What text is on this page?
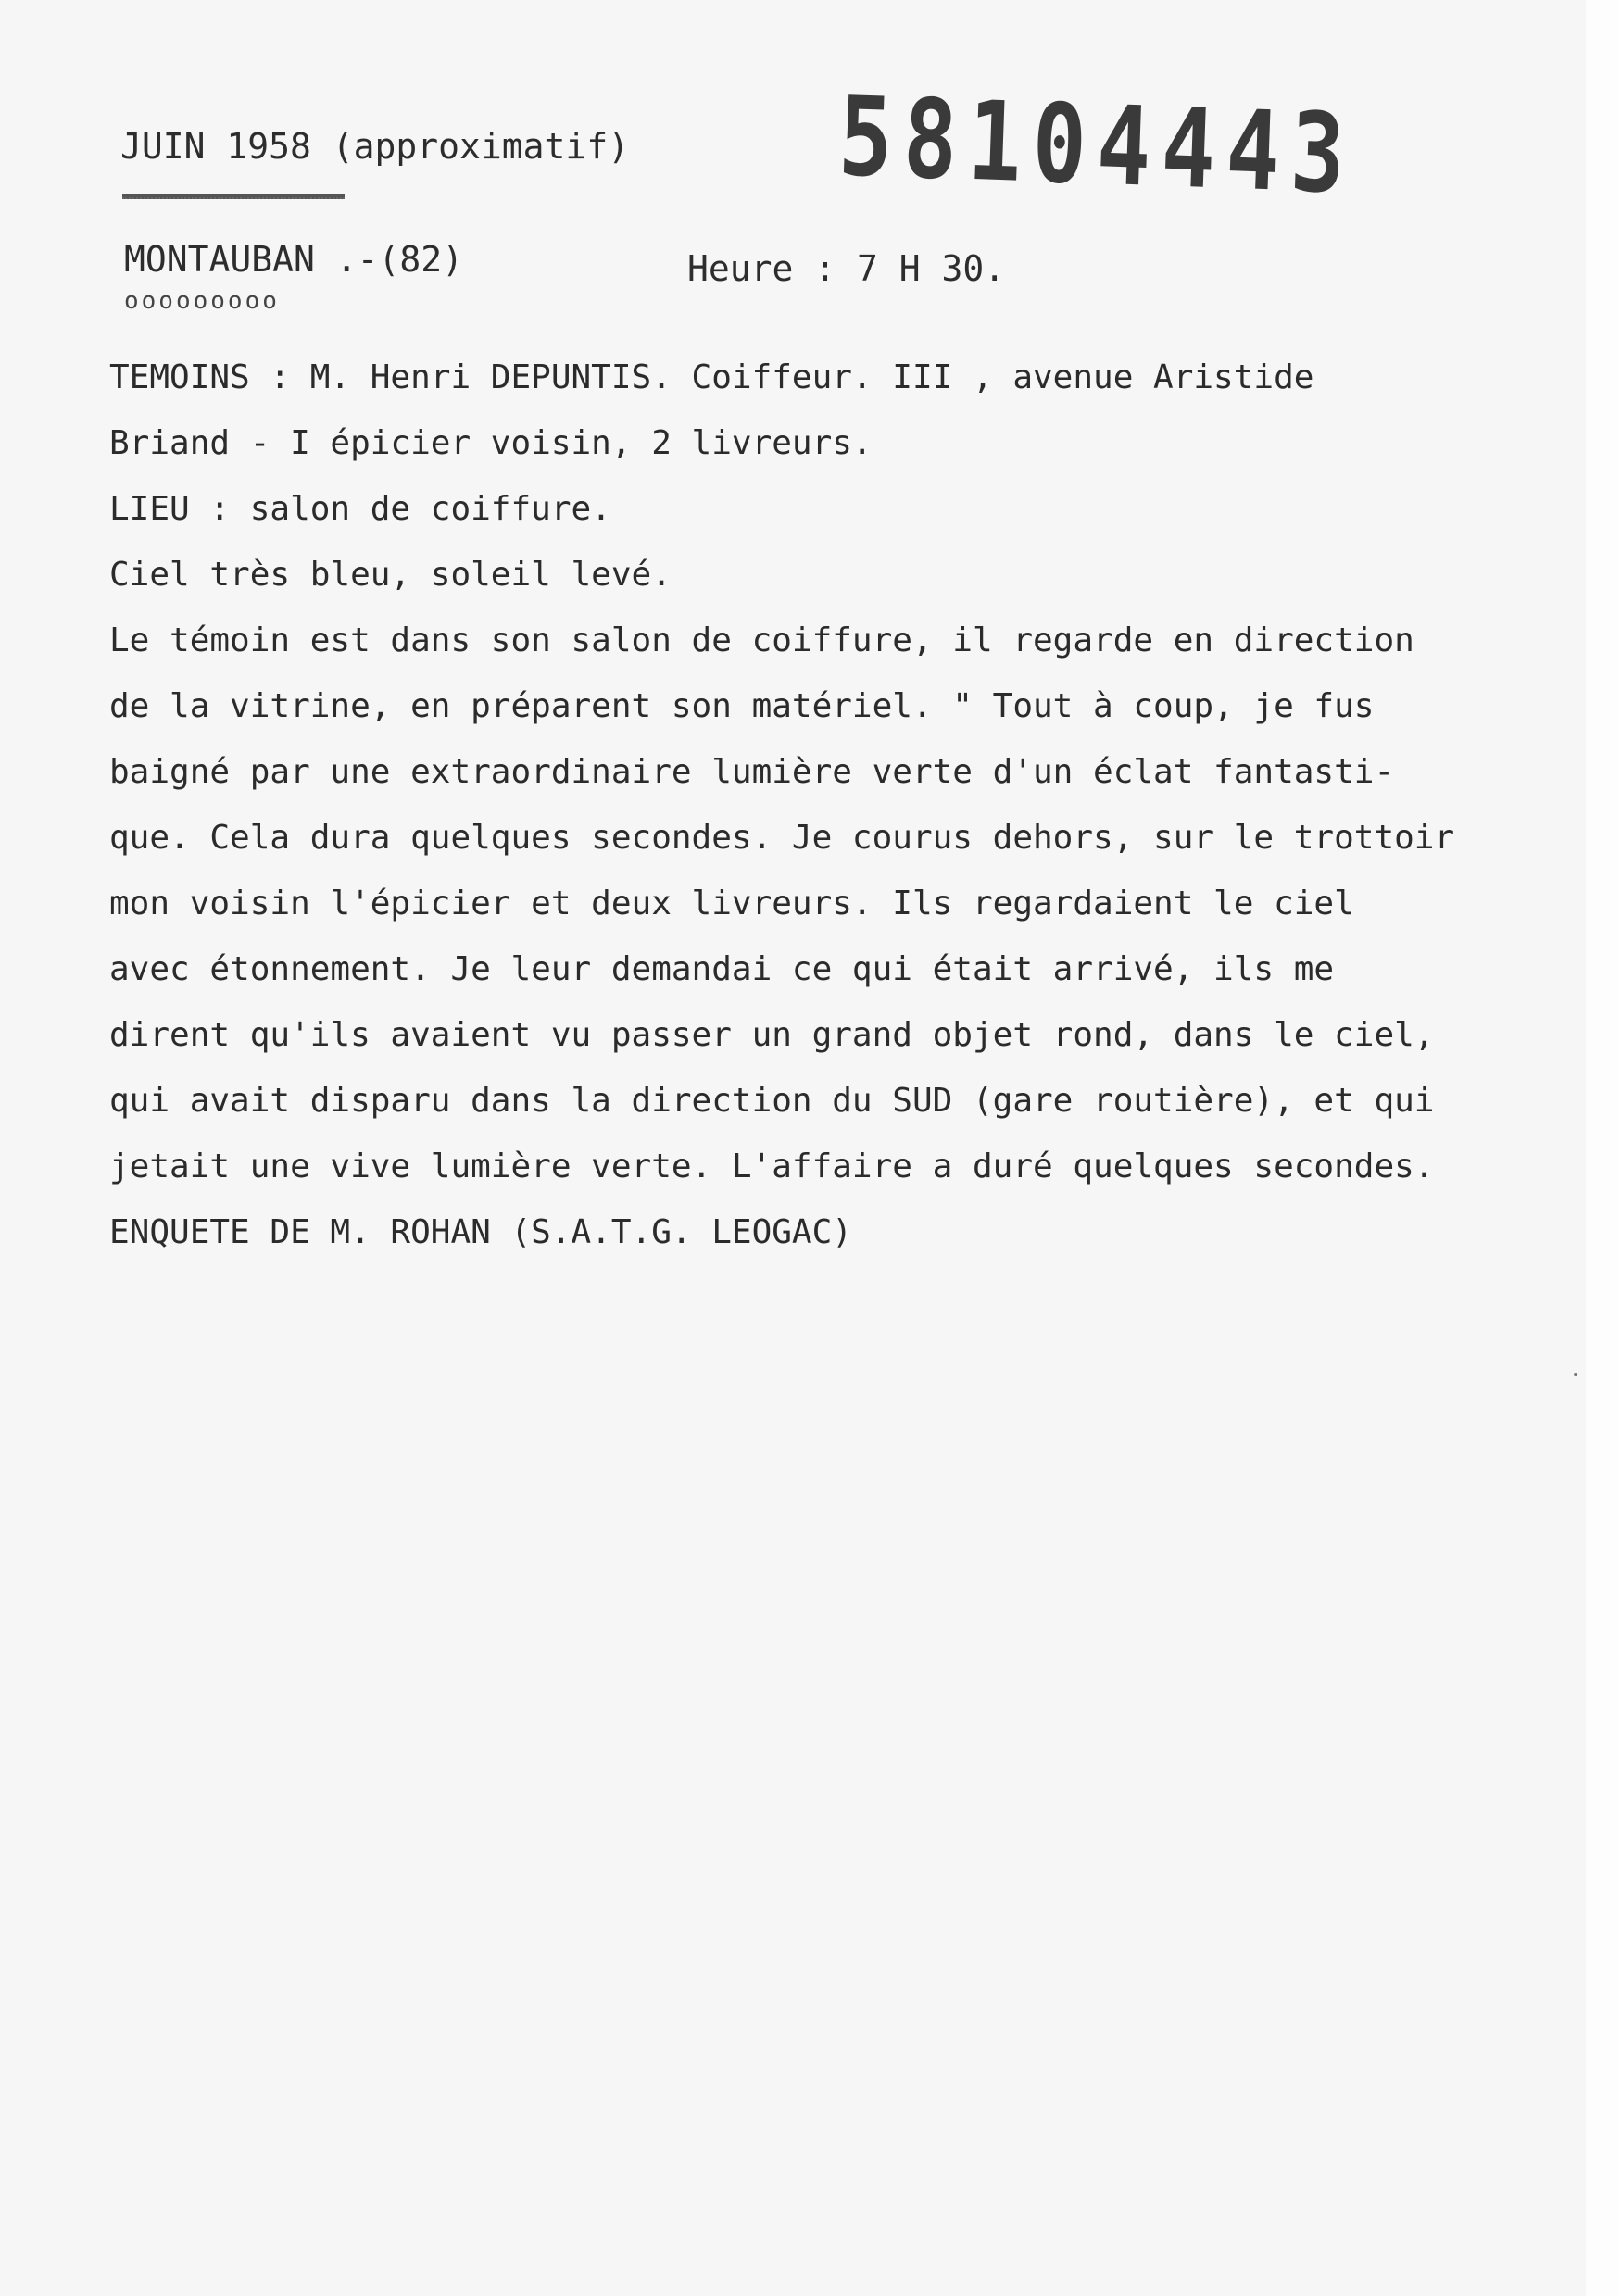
JUIN 1958 (approximatif) 58104443
MONTAUBAN .-(82)
ooooooooo
Heure : 7 H 30.
TEMOINS : M. Henri DEPUNTIS. Coiffeur. III , avenue Aristide
Briand - I épicier voisin, 2 livreurs.
LIEU : salon de coiffure.
Ciel très bleu, soleil levé.
Le témoin est dans son salon de coiffure, il regarde en direction
de la vitrine, en préparent son matériel. " Tout à coup, je fus
baigné par une extraordinaire lumière verte d'un éclat fantasti-
que. Cela dura quelques secondes. Je courus dehors, sur le trottoir
mon voisin l'épicier et deux livreurs. Ils regardaient le ciel
avec étonnement. Je leur demandai ce qui était arrivé, ils me
dirent qu'ils avaient vu passer un grand objet rond, dans le ciel,
qui avait disparu dans la direction du SUD (gare routière), et qui
jetait une vive lumière verte. L'affaire a duré quelques secondes.
ENQUETE DE M. ROHAN (S.A.T.G. LEOGAC)
